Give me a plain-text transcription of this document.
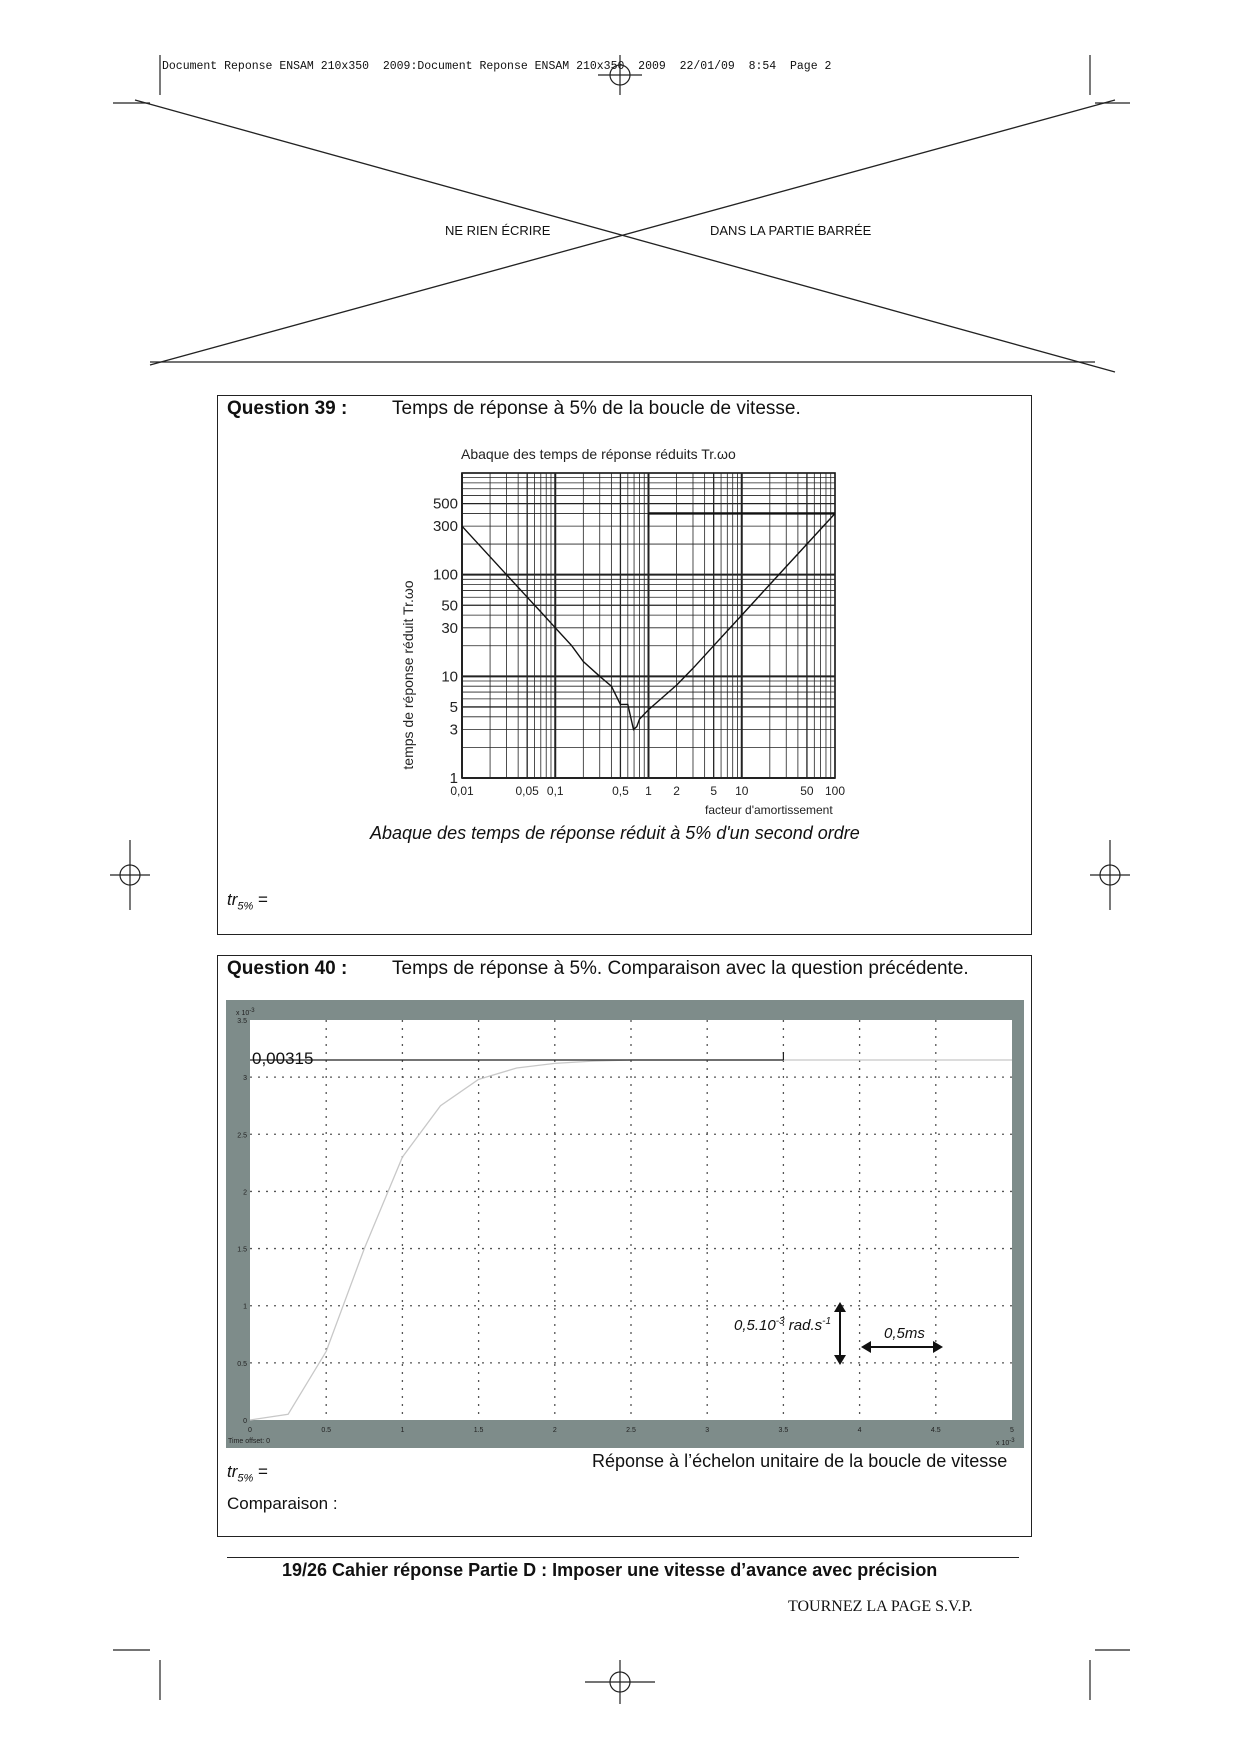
Document Reponse ENSAM 210x350  2009:Document Reponse ENSAM 210x350  2009  22/01/09  8:54  Page 2
NE RIEN ÉCRIRE	DANS LA PARTIE BARRÉE
Question 39 : Temps de réponse à 5% de la boucle de vitesse.
Abaque des temps de réponse réduits Tr.ωo
temps de réponse réduit Tr.ωo
facteur d'amortissement
0,01	0,05 0,1	0,5 1 2	5 10	50 100
1
3
5
10
30
50
100
300
500
Abaque des temps de réponse réduit à 5% d'un second ordre
$tr_{5\%}$ =
Question 40 : Temps de réponse à 5%. Comparaison avec la question précédente.
0	0.5	1	1.5	2	2.5	3	3.5	4	4.5	5
0
0.5
1
1.5
2
2.5
3
3.5
x 10-3
x 10-3
Time offset: 0
0,00315
$0,5.10^{-3}$ $rad.s^{-1}$
0,5ms
Réponse à l’échelon unitaire de la boucle de vitesse
$tr_{5\%}$ =
Comparaison :
19/26 Cahier réponse Partie D : Imposer une vitesse d’avance avec précision
TOURNEZ LA PAGE S.V.P.
